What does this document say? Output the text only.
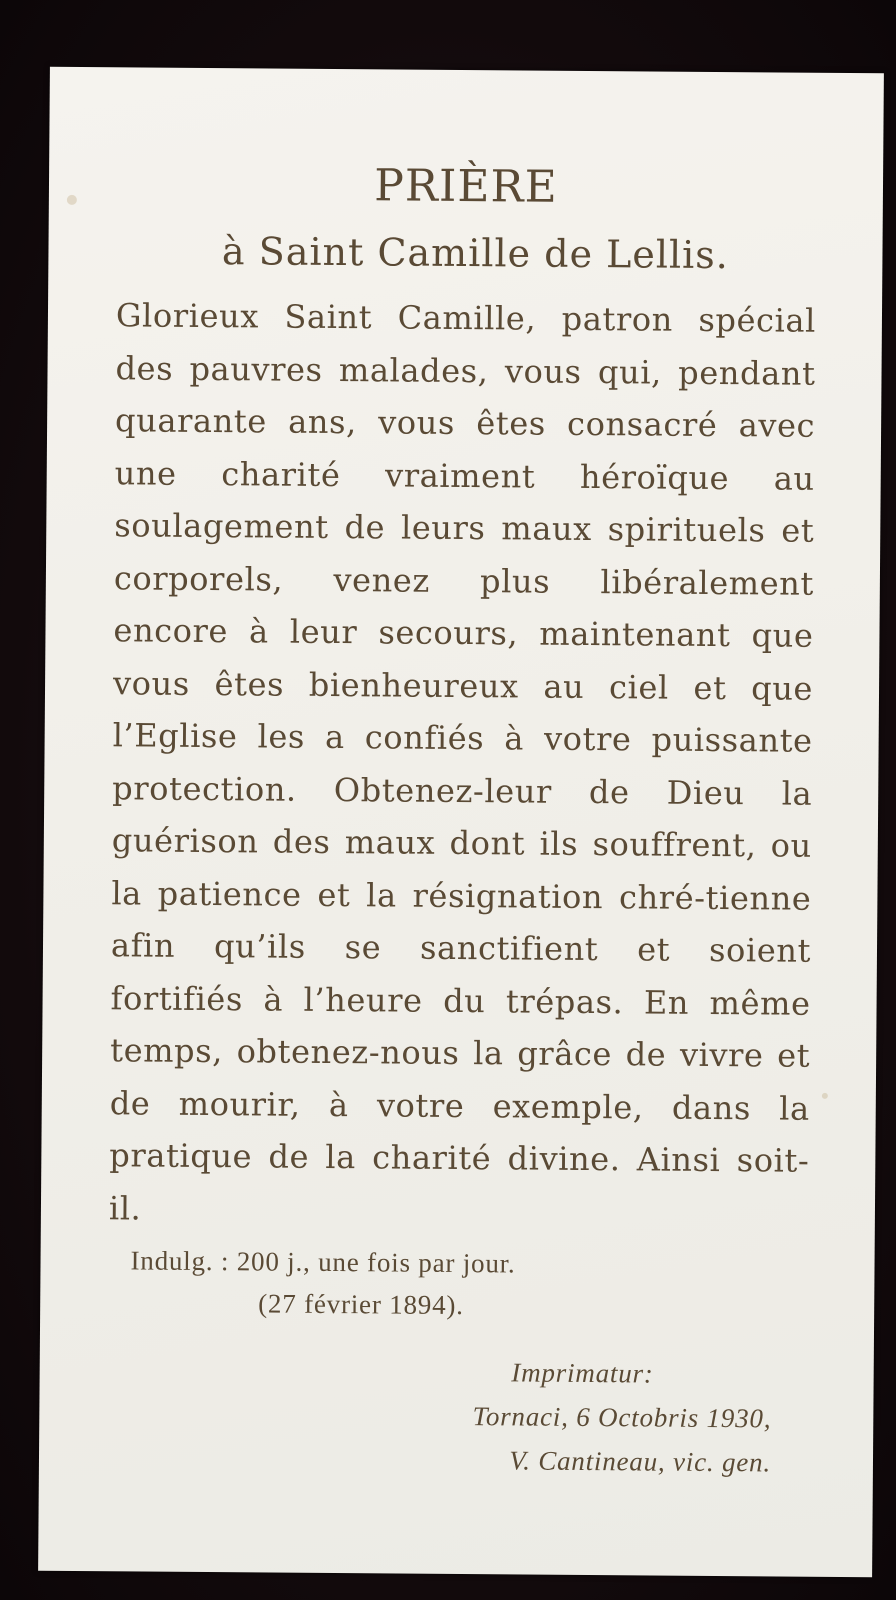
PRIÈRE
à Saint Camille de Lellis.

Glorieux Saint Camille, patron spécial des pauvres malades, vous qui, pendant quarante ans, vous êtes consacré avec une charité vraiment héroïque au soulagement de leurs maux spirituels et corporels, venez plus libéralement encore à leur secours, maintenant que vous êtes bienheureux au ciel et que l’Eglise les a confiés à votre puissante protection. Obtenez-leur de Dieu la guérison des maux dont ils souffrent, ou la patience et la résignation chré-tienne afin qu’ils se sanctifient et soient fortifiés à l’heure du trépas. En même temps, obtenez-nous la grâce de vivre et de mourir, à votre exemple, dans la pratique de la charité divine. Ainsi soit-il.

Indulg. : 200 j., une fois par jour.

(27 février 1894).

Imprimatur:
Tornaci, 6 Octobris 1930,
V. Cantineau, vic. gen.
